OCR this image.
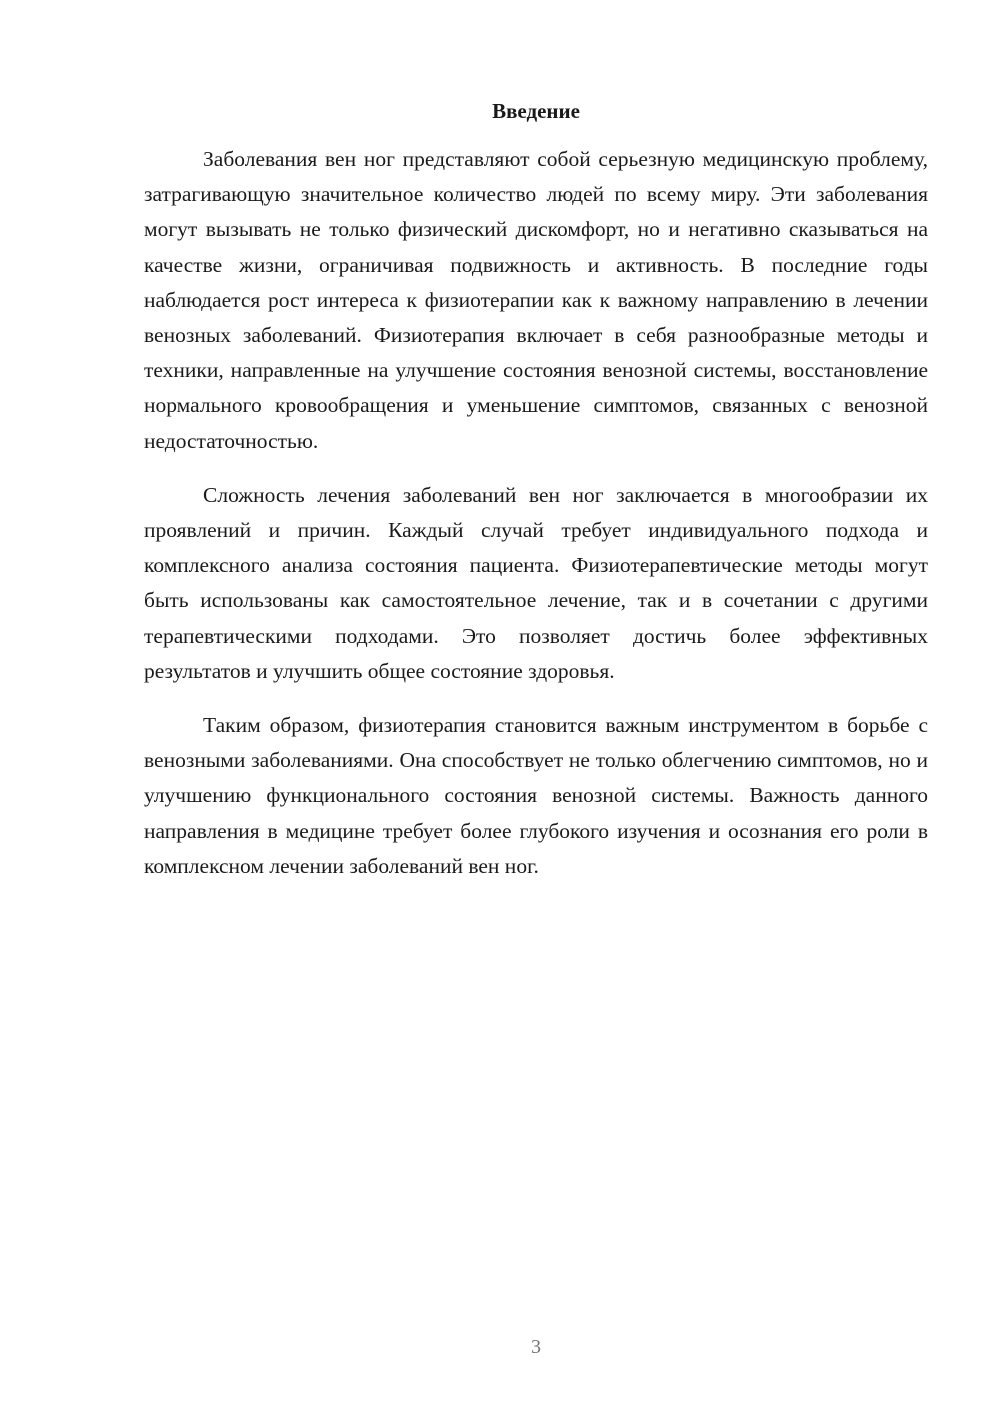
Введение

Заболевания вен ног представляют собой серьезную медицинскую проблему, затрагивающую значительное количество людей по всему миру. Эти заболевания могут вызывать не только физический дискомфорт, но и негативно сказываться на качестве жизни, ограничивая подвижность и активность. В последние годы наблюдается рост интереса к физиотерапии как к важному направлению в лечении венозных заболеваний. Физиотерапия включает в себя разнообразные методы и техники, направленные на улучшение состояния венозной системы, восстановление нормального кровообращения и уменьшение симптомов, связанных с венозной недостаточностью.

Сложность лечения заболеваний вен ног заключается в многообразии их проявлений и причин. Каждый случай требует индивидуального подхода и комплексного анализа состояния пациента. Физиотерапевтические методы могут быть использованы как самостоятельное лечение, так и в сочетании с другими терапевтическими подходами. Это позволяет достичь более эффективных результатов и улучшить общее состояние здоровья.

Таким образом, физиотерапия становится важным инструментом в борьбе с венозными заболеваниями. Она способствует не только облегчению симптомов, но и улучшению функционального состояния венозной системы. Важность данного направления в медицине требует более глубокого изучения и осознания его роли в комплексном лечении заболеваний вен ног.

3
